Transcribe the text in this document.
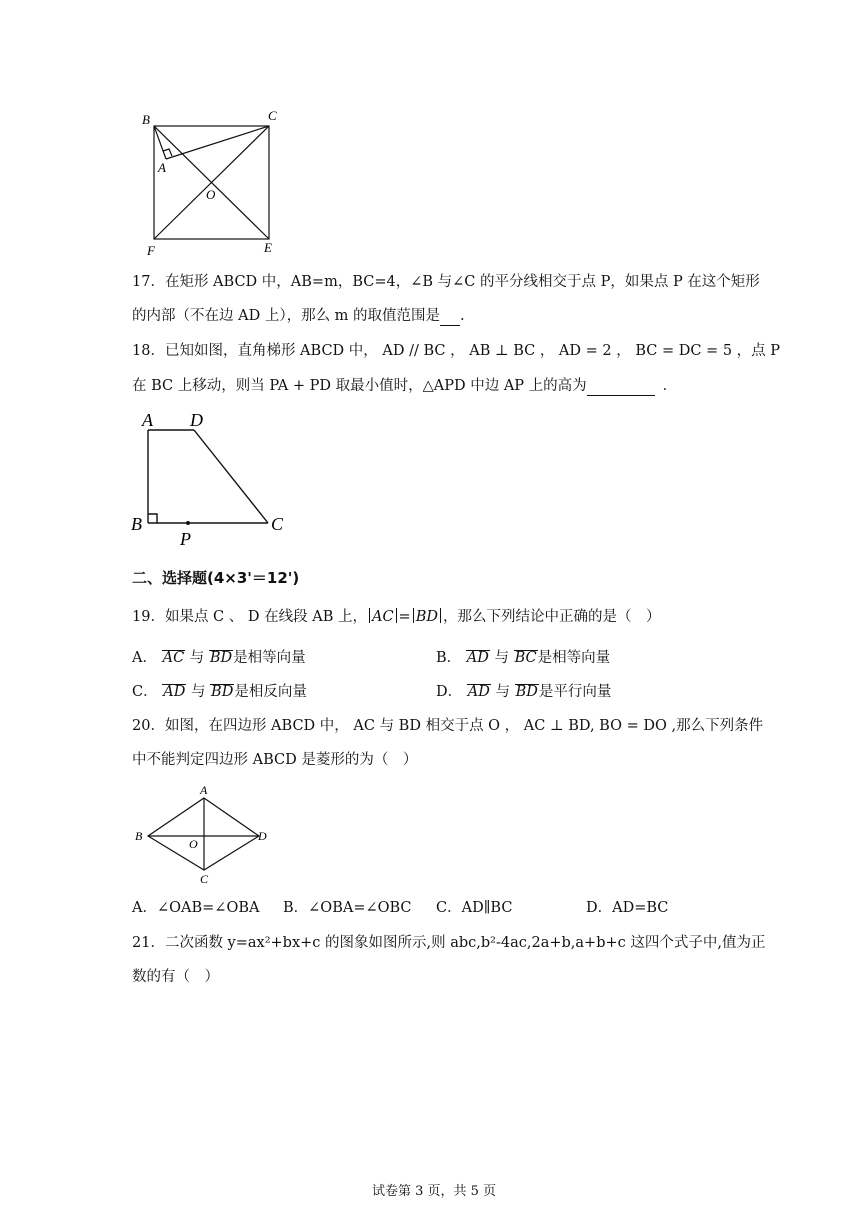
B	C
A
O
F	E
17．在矩形 ABCD 中，AB=m，BC=4，∠B 与∠C 的平分线相交于点 P，如果点 P 在这个矩形
的内部（不在边 AD 上），那么 m 的取值范围是 .
18．已知如图，直角梯形 ABCD 中， AD // BC ， AB ⊥ BC ， AD = 2 ， BC = DC = 5 ，点 P
在 BC 上移动，则当 PA + PD 取最小值时，△APD 中边 AP 上的高为	．
A D
B	C
P
二、选择题(4×3'＝12')
19．如果点 C 、 D 在线段 AB 上， AC = BD ，那么下列结论中正确的是（　）
A． AC 与 BD是相等向量	B． AD 与 BC是相等向量
C． AD 与 BD是相反向量	D． AD 与 BD是平行向量
20．如图，在四边形 ABCD 中， AC 与 BD 相交于点 O ， AC ⊥ BD, BO = DO ,那么下列条件
中不能判定四边形 ABCD 是菱形的为（　）
A
B	D
O
C
A．∠OAB=∠OBA B．∠OBA=∠OBC C．AD∥BC	D．AD=BC
21．二次函数 y=ax²+bx+c 的图象如图所示,则 abc,b²-4ac,2a+b,a+b+c 这四个式子中,值为正
数的有（　）
试卷第 3 页，共 5 页
